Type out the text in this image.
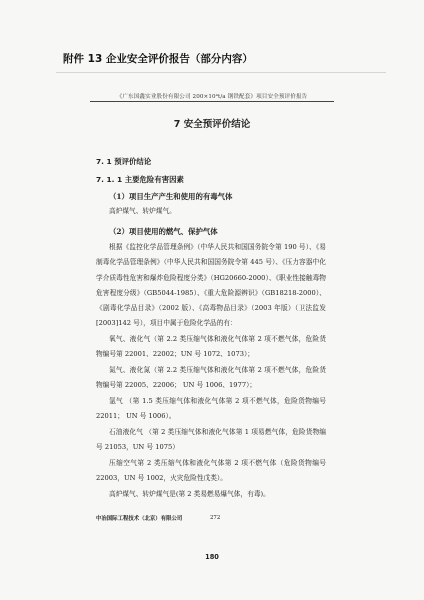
附件 13 企业安全评价报告（部分内容）
《广东国鑫实业股份有限公司 200×10⁴t/a 钢铁配套》项目安全预评价报告
7 安全预评价结论
7. 1 预评价结论
7. 1. 1 主要危险有害因素
（1）项目生产产生和使用的有毒气体
高炉煤气、转炉煤气。
（2）项目使用的燃气、保护气体

根据《监控化学品管理条例》（中华人民共和国国务院令第 190 号）、《易制毒化学品管理条例》（中华人民共和国国务院令第 445 号）、《压力容器中化学介质毒性危害和爆炸危险程度分类》（HG20660-2000）、《职业性接触毒物危害程度分级》（GB5044-1985）、《重大危险源辨识》（GB18218-2000）、《剧毒化学品目录》（2002 版）、《高毒物品目录》（2003 年版）（卫法监发[2003]142 号），项目中属于危险化学品的有：

氧气、液化气（第 2.2 类压缩气体和液化气体第 2 项不燃气体，危险货物编号第 22001、22002；UN 号 1072、1073）；

氮气、液化氮（第 2.2 类压缩气体和液化气体第 2 项不燃气体，危险货物编号第 22005、22006； UN 号 1006、1977）；

氩气 （第 1.5 类压缩气体和液化气体第 2 项不燃气体，危险货物编号 22011； UN 号 1006）。

石油液化气 （第 2 类压缩气体和液化气体第 1 项易燃气体，危险货物编号 21053，UN 号 1075）

中冶国际工程技术（北京）有限公司	272
180

压缩空气第 2 类压缩气体和液化气体第 2 项不燃气体（危险货物编号 22003，UN 号 1002，火灾危险性戊类）。

高炉煤气、转炉煤气是(第 2 类易燃易爆气体，有毒)。
